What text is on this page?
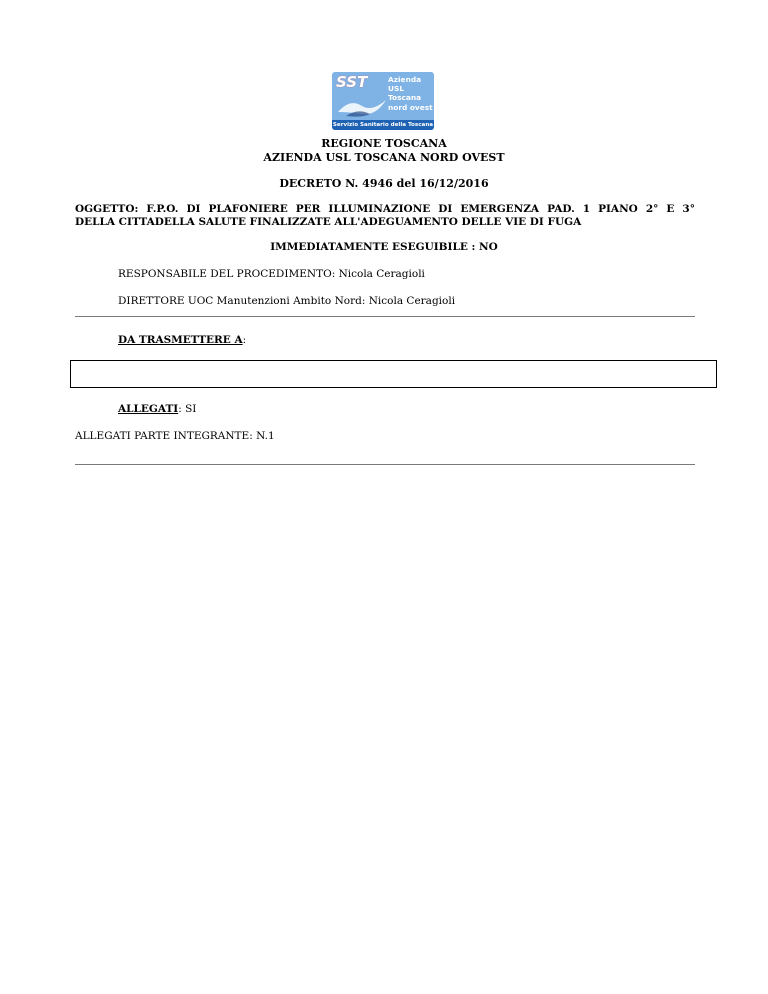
SST	Azienda
USL
Toscana
nord ovest
Servizio Sanitario della Toscana
REGIONE TOSCANA
AZIENDA USL TOSCANA NORD OVEST
DECRETO N. 4946 del 16/12/2016
OGGETTO: F.P.O. DI PLAFONIERE PER ILLUMINAZIONE DI EMERGENZA PAD. 1 PIANO 2° E 3°
DELLA CITTADELLA SALUTE FINALIZZATE ALL'ADEGUAMENTO DELLE VIE DI FUGA
IMMEDIATAMENTE ESEGUIBILE : NO
RESPONSABILE DEL PROCEDIMENTO: Nicola Ceragioli
DIRETTORE UOC Manutenzioni Ambito Nord: Nicola Ceragioli
DA TRASMETTERE A:
ALLEGATI: SI
ALLEGATI PARTE INTEGRANTE: N.1
